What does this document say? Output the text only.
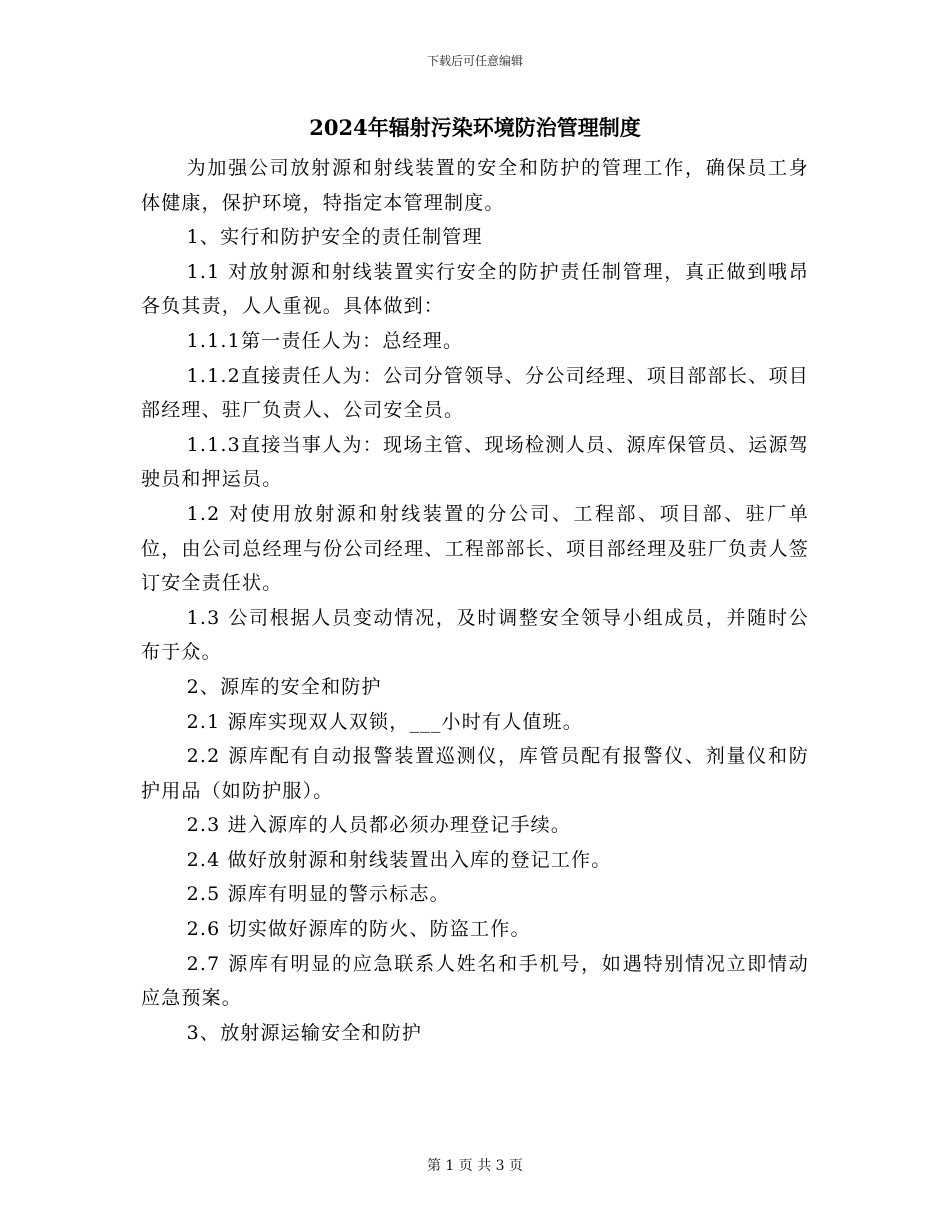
下载后可任意编辑
2024年辐射污染环境防治管理制度

为加强公司放射源和射线装置的安全和防护的管理工作，确保员工身体健康，保护环境，特指定本管理制度。

1、实行和防护安全的责任制管理

1.1 对放射源和射线装置实行安全的防护责任制管理，真正做到哦昂各负其责，人人重视。具体做到：

1.1.1第一责任人为：总经理。

1.1.2直接责任人为：公司分管领导、分公司经理、项目部部长、项目部经理、驻厂负责人、公司安全员。

1.1.3直接当事人为：现场主管、现场检测人员、源库保管员、运源驾驶员和押运员。

1.2 对使用放射源和射线装置的分公司、工程部、项目部、驻厂单位，由公司总经理与份公司经理、工程部部长、项目部经理及驻厂负责人签订安全责任状。

1.3 公司根据人员变动情况，及时调整安全领导小组成员，并随时公布于众。

2、源库的安全和防护

2.1 源库实现双人双锁，___小时有人值班。

2.2 源库配有自动报警装置巡测仪，库管员配有报警仪、剂量仪和防护用品（如防护服）。

2.3 进入源库的人员都必须办理登记手续。

2.4 做好放射源和射线装置出入库的登记工作。

2.5 源库有明显的警示标志。

2.6 切实做好源库的防火、防盗工作。

2.7 源库有明显的应急联系人姓名和手机号，如遇特别情况立即情动应急预案。

3、放射源运输安全和防护

第 1 页 共 3 页
